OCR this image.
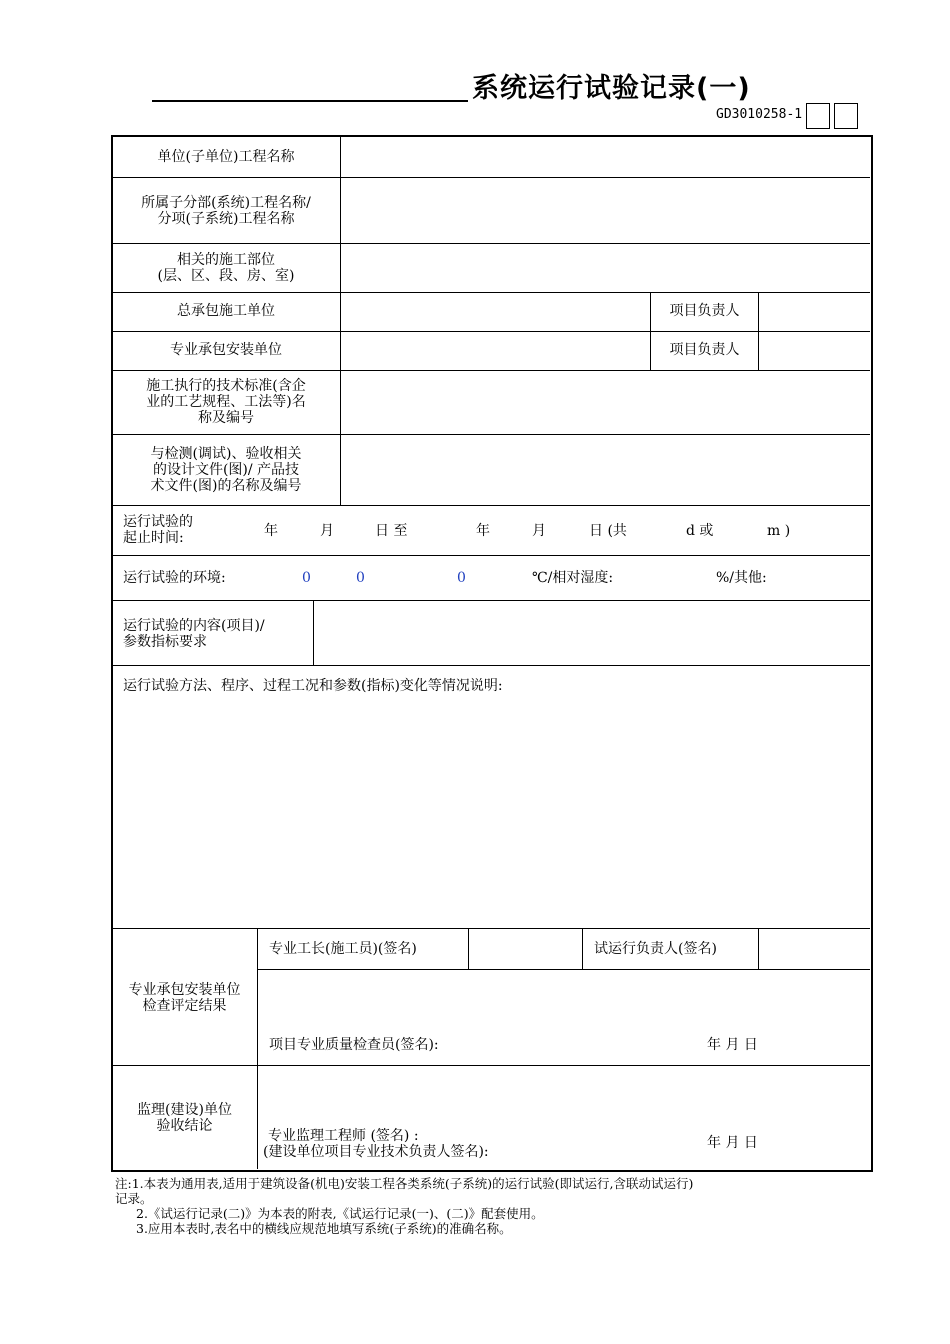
系统运行试验记录(一)
GD3010258-1
单位(子单位)工程名称
所属子分部(系统)工程名称/
分项(子系统)工程名称
相关的施工部位
(层、区、段、房、室)
总承包施工单位	项目负责人
专业承包安装单位	项目负责人
施工执行的技术标准(含企
业的工艺规程、工法等)名
称及编号
与检测(调试)、验收相关
的设计文件(图)/ 产品技
术文件(图)的名称及编号
运行试验的
起止时间:	年	月	日 至	年	月	日 (共	d 或	m )
运行试验的环境:	0	0	0	℃/相对湿度:	%/其他:
运行试验的内容(项目)/
参数指标要求
运行试验方法、程序、过程工况和参数(指标)变化等情况说明:
专业承包安装单位
检查评定结果
专业工长(施工员)(签名)	试运行负责人(签名)
项目专业质量检查员(签名):	年 月 日
监理(建设)单位
验收结论
专业监理工程师 (签名) :
(建设单位项目专业技术负责人签名):
年 月 日
注:1.本表为通用表,适用于建筑设备(机电)安装工程各类系统(子系统)的运行试验(即试运行,含联动试运行)
记录。
2.《试运行记录(二)》为本表的附表,《试运行记录(一)、(二)》配套使用。
3.应用本表时,表名中的横线应规范地填写系统(子系统)的准确名称。
